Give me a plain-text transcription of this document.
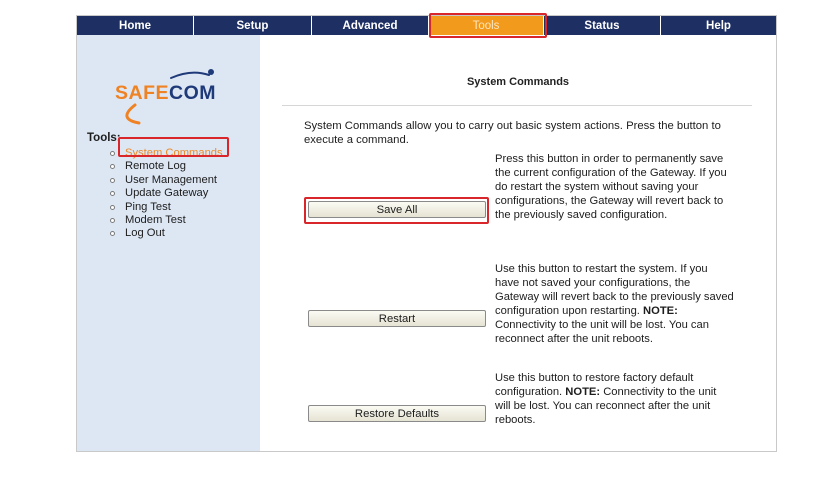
Home	Setup	Advanced	Tools	Status	Help
SAFECOM
Tools:
System Commands
Remote Log
User Management
Update Gateway
Ping Test
Modem Test
Log Out
System Commands
System Commands allow you to carry out basic system actions. Press the button to execute a command.
Save All
Press this button in order to permanently save the current configuration of the Gateway. If you do restart the system without saving your configurations, the Gateway will revert back to the previously saved configuration.
Restart
Use this button to restart the system. If you have not saved your configurations, the Gateway will revert back to the previously saved configuration upon restarting. NOTE: Connectivity to the unit will be lost. You can reconnect after the unit reboots.
Restore Defaults
Use this button to restore factory default configuration. NOTE: Connectivity to the unit will be lost. You can reconnect after the unit reboots.
